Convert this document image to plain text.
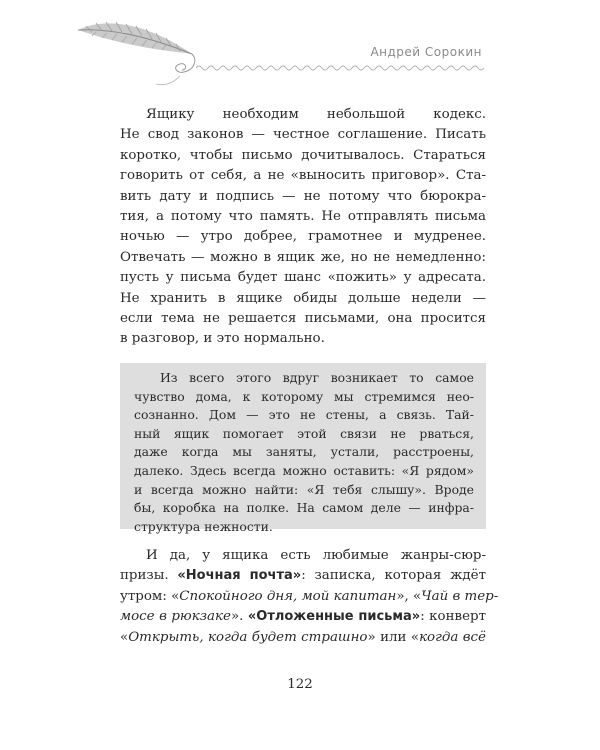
Андрей Сорокин
Ящику необходим небольшой кодекс.
Не свод законов — честное соглашение. Писать
коротко, чтобы письмо дочитывалось. Стараться
говорить от себя, а не «выносить приговор». Ста-
вить дату и подпись — не потому что бюрокра-
тия, а потому что память. Не отправлять письма
ночью — утро добрее, грамотнее и мудренее.
Отвечать — можно в ящик же, но не немедленно:
пусть у письма будет шанс «пожить» у адресата.
Не хранить в ящике обиды дольше недели —
если тема не решается письмами, она просится
в разговор, и это нормально.
Из всего этого вдруг возникает то самое
чувство дома, к которому мы стремимся нео-
сознанно. Дом — это не стены, а связь. Тай-
ный ящик помогает этой связи не рваться,
даже когда мы заняты, устали, расстроены,
далеко. Здесь всегда можно оставить: «Я рядом»
и всегда можно найти: «Я тебя слышу». Вроде
бы, коробка на полке. На самом деле — инфра-
структура нежности.
И да, у ящика есть любимые жанры-сюр-
призы. «Ночная почта»: записка, которая ждёт
утром: «Спокойного дня, мой капитан», «Чай в тер-
мосе в рюкзаке». «Отложенные письма»: конверт
«Открыть, когда будет страшно» или «когда всё
122
